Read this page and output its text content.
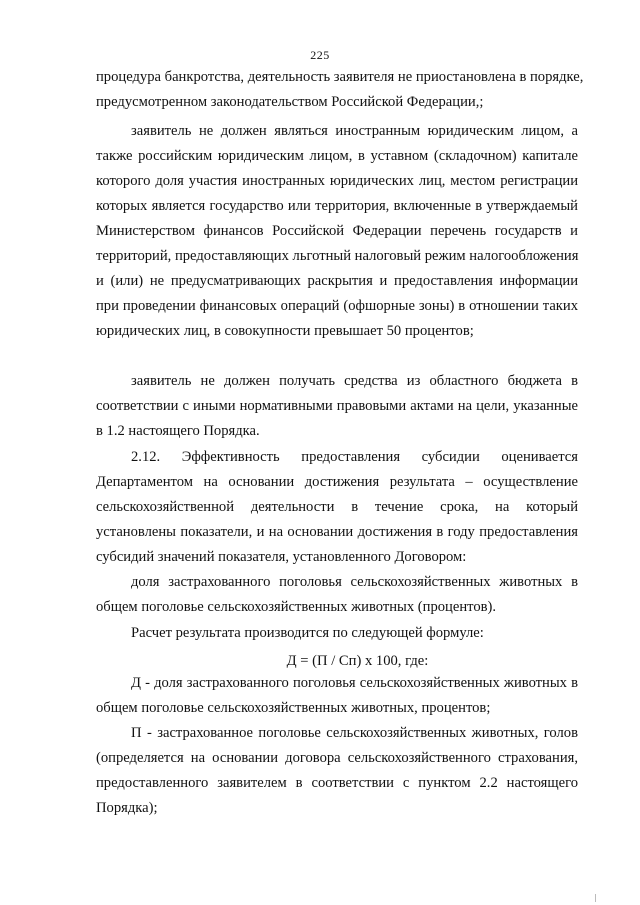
225
процедура банкротства, деятельность заявителя не приостановлена в порядке,
предусмотренном законодательством Российской Федерации,;
заявитель не должен являться иностранным юридическим лицом, а
также российским юридическим лицом, в уставном (складочном) капитале
которого доля участия иностранных юридических лиц, местом регистрации
которых является государство или территория, включенные в утверждаемый
Министерством финансов Российской Федерации перечень государств и
территорий, предоставляющих льготный налоговый режим налогообложения
и (или) не предусматривающих раскрытия и предоставления информации
при проведении финансовых операций (офшорные зоны) в отношении таких
юридических лиц, в совокупности превышает 50 процентов;
заявитель не должен получать средства из областного бюджета в
соответствии с иными нормативными правовыми актами на цели, указанные
в 1.2 настоящего Порядка.
2.12. Эффективность предоставления субсидии оценивается
Департаментом на основании достижения результата – осуществление
сельскохозяйственной деятельности в течение срока, на который
установлены показатели, и на основании достижения в году предоставления
субсидий значений показателя, установленного Договором:
доля застрахованного поголовья сельскохозяйственных животных в
общем поголовье сельскохозяйственных животных (процентов).
Расчет результата производится по следующей формуле:
Д - доля застрахованного поголовья сельскохозяйственных животных в
общем поголовье сельскохозяйственных животных, процентов;
П - застрахованное поголовье сельскохозяйственных животных, голов
(определяется на основании договора сельскохозяйственного страхования,
предоставленного заявителем в соответствии с пунктом 2.2 настоящего
Порядка);
Д = (П / Сп) х 100, где:
